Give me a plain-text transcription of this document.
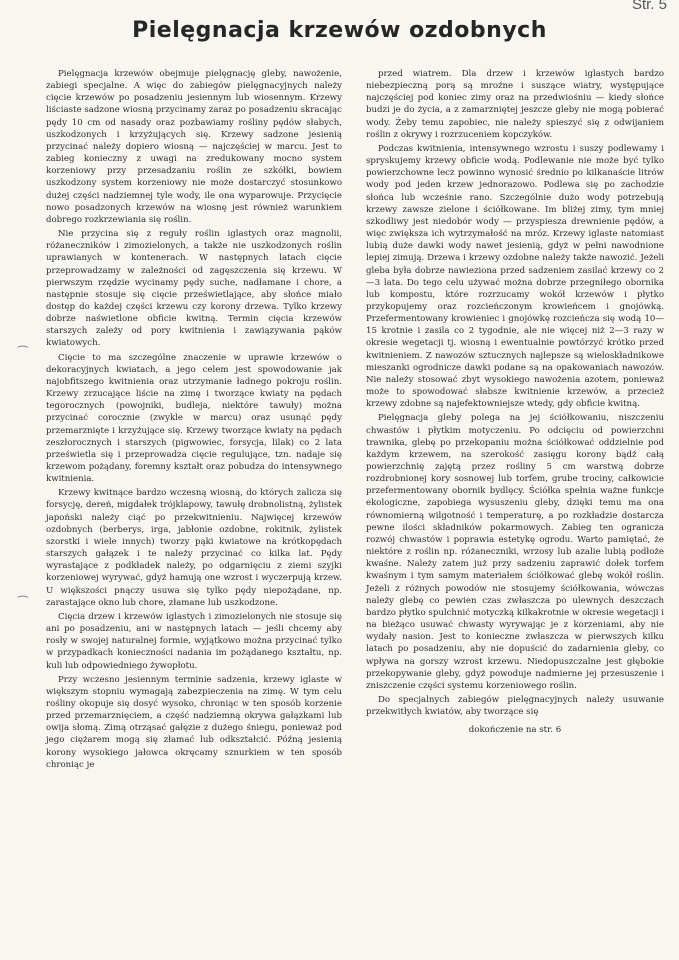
Str. 5
Pielęgnacja krzewów ozdobnych
⁀
⁀

Pielęgnacja krzewów obejmuje pielęgnację gleby, nawożenie, zabiegi specjalne. A więc do zabiegów pielęgnacyjnych należy cięcie krzewów po posadzeniu jesiennym lub wiosennym. Krzewy liściaste sadzone wiosną przycinamy zaraz po posadzeniu skracając pędy 10 cm od nasady oraz pozbawiamy rośliny pędów słabych, uszkodzonych i krzyżujących się. Krzewy sadzone jesienią przycinać należy dopiero wiosną — najczęściej w marcu. Jest to zabieg konieczny z uwagi na zredukowany mocno system korzeniowy przy przesadzaniu roślin ze szkółki, bowiem uszkodzony system korzeniowy nie może dostarczyć stosunkowo dużej części nadziemnej tyle wody, ile ona wyparowuje. Przycięcie nowo posadzonych krzewów na wiosnę jest również warunkiem dobrego rozkrzewiania się roślin.

Nie przycina się z reguły roślin iglastych oraz magnolii, różaneczników i zimozielonych, a także nie uszkodzonych roślin uprawianych w kontenerach. W następnych latach cięcie przeprowadzamy w zależności od zagęszczenia się krzewu. W pierwszym rzędzie wycinamy pędy suche, nadłamane i chore, a następnie stosuje się cięcie prześwietlające, aby słońce miało dostęp do każdej części krzewu czy korony drzewa. Tylko krzewy dobrze naświetlone obficie kwitną. Termin cięcia krzewów starszych zależy od pory kwitnienia i zawiązywania pąków kwiatowych.

Cięcie to ma szczególne znaczenie w uprawie krzewów o dekoracyjnych kwiatach, a jego celem jest spowodowanie jak najobfitszego kwitnienia oraz utrzymanie ładnego pokroju roślin. Krzewy zrzucające liście na zimę i tworzące kwiaty na pędach tegorocznych (powojniki, budleja, niektóre tawuły) można przycinać corocznie (zwykle w marcu) oraz usunąć pędy przemarznięte i krzyżujące się. Krzewy tworzące kwiaty na pędach zeszłorocznych i starszych (pigwowiec, forsycja, lilak) co 2 lata prześwietla się i przeprowadza cięcie regulujące, tzn. nadaje się krzewom pożądany, foremny kształt oraz pobudza do intensywnego kwitnienia.

Krzewy kwitnące bardzo wczesną wiosną, do których zalicza się forsycję, dereń, migdałek trójklapowy, tawułę drobnolistną, żylistek japoński należy ciąć po przekwitnieniu. Najwięcej krzewów ozdobnych (berberys, irga, jabłonie ozdobne, rokitnik, żylistek szorstki i wiele innych) tworzy pąki kwiatowe na krótkopędach starszych gałązek i te należy przycinać co kilka lat. Pędy wyrastające z podkładek należy, po odgarnięciu z ziemi szyjki korzeniowej wyrywać, gdyż hamują one wzrost i wyczerpują krzew. U większości pnączy usuwa się tylko pędy niepożądane, np. zarastające okno lub chore, złamane lub uszkodzone.

Cięcia drzew i krzewów iglastych i zimozielonych nie stosuje się ani po posadzeniu, ani w następnych latach — jeśli chcemy aby rosły w swojej naturalnej formie, wyjątkowo można przycinać tylko w przypadkach konieczności nadania im pożądanego kształtu, np. kuli lub odpowiedniego żywopłotu.

Przy wczesno jesiennym terminie sadzenia, krzewy iglaste w większym stopniu wymagają zabezpieczenia na zimę. W tym celu rośliny okopuje się dosyć wysoko, chroniąc w ten sposób korzenie przed przemarznięciem, a część nadziemną okrywa gałązkami lub owija słomą. Zimą otrząsać gałęzie z dużego śniegu, ponieważ pod jego ciężarem mogą się złamać lub odkształcić. Późną jesienią korony wysokiego jałowca okręcamy sznurkiem w ten sposób chroniąc je

przed wiatrem. Dla drzew i krzewów iglastych bardzo niebezpieczną porą są mroźne i suszące wiatry, występujące najczęściej pod koniec zimy oraz na przedwiośniu — kiedy słońce budzi je do życia, a z zamarzniętej jeszcze gleby nie mogą pobierać wody. Żeby temu zapobiec, nie należy spieszyć się z odwijaniem roślin z okrywy i rozrzuceniem kopczyków.

Podczas kwitnienia, intensywnego wzrostu i suszy podlewamy i spryskujemy krzewy obficie wodą. Podlewanie nie może być tylko powierzchowne lecz powinno wynosić średnio po kilkanaście litrów wody pod jeden krzew jednorazowo. Podlewa się po zachodzie słońca lub wcześnie rano. Szczególnie dużo wody potrzebują krzewy zawsze zielone i ściółkowane. Im bliżej zimy, tym mniej szkodliwy jest niedobór wody — przyspiesza drewnienie pędów, a więc zwiększa ich wytrzymałość na mróz. Krzewy iglaste natomiast lubią duże dawki wody nawet jesienią, gdyż w pełni nawodnione lepiej zimują. Drzewa i krzewy ozdobne należy także nawozić. Jeżeli gleba była dobrze nawieziona przed sadzeniem zasilać krzewy co 2—3 lata. Do tego celu używać można dobrze przegniłego obornika lub kompostu, które rozrzucamy wokół krzewów i płytko przykopujemy oraz rozcieńczonym krowieńcem i gnojówką. Przefermentowany krowieniec i gnojówkę rozcieńcza się wodą 10—15 krotnie i zasila co 2 tygodnie, ale nie więcej niż 2—3 razy w okresie wegetacji tj. wiosną i ewentualnie powtórzyć krótko przed kwitnieniem. Z nawozów sztucznych najlepsze są wieloskładnikowe mieszanki ogrodnicze dawki podane są na opakowaniach nawozów. Nie należy stosować zbyt wysokiego nawożenia azotem, ponieważ może to spowodować słabsze kwitnienie krzewów, a przecież krzewy zdobne są najefektowniejsze wtedy, gdy obficie kwitną.

Pielęgnacja gleby polega na jej ściółkowaniu, niszczeniu chwastów i płytkim motyczeniu. Po odcięciu od powierzchni trawnika, glebę po przekopaniu można ściółkować oddzielnie pod każdym krzewem, na szerokość zasięgu korony bądź całą powierzchnię zajętą przez rośliny 5 cm warstwą dobrze rozdrobnionej kory sosnowej lub torfem, grube trociny, całkowicie przefermentowany obornik bydlęcy. Ściółka spełnia ważne funkcje ekologiczne, zapobiega wysuszeniu gleby, dzięki temu ma ona równomierną wilgotność i temperaturę, a po rozkładzie dostarcza pewne ilości składników pokarmowych. Zabieg ten ogranicza rozwój chwastów i poprawia estetykę ogrodu. Warto pamiętać, że niektóre z roślin np. różaneczniki, wrzosy lub azalie lubią podłoże kwaśne. Należy zatem już przy sadzeniu zaprawić dołek torfem kwaśnym i tym samym materiałem ściółkować glebę wokół roślin. Jeżeli z różnych powodów nie stosujemy ściółkowania, wówczas należy glebę co pewien czas zwłaszcza po ulewnych deszczach bardzo płytko spulchnić motyczką kilkakrotnie w okresie wegetacji i na bieżąco usuwać chwasty wyrywając je z korzeniami, aby nie wydały nasion. Jest to konieczne zwłaszcza w pierwszych kilku latach po posadzeniu, aby nie dopuścić do zadarnienia gleby, co wpływa na gorszy wzrost krzewu. Niedopuszczalne jest głębokie przekopywanie gleby, gdyż powoduje nadmierne jej przesuszenie i zniszczenie części systemu korzeniowego roślin.

Do specjalnych zabiegów pielęgnacyjnych należy usuwanie przekwitłych kwiatów, aby tworzące się

dokończenie na str. 6
